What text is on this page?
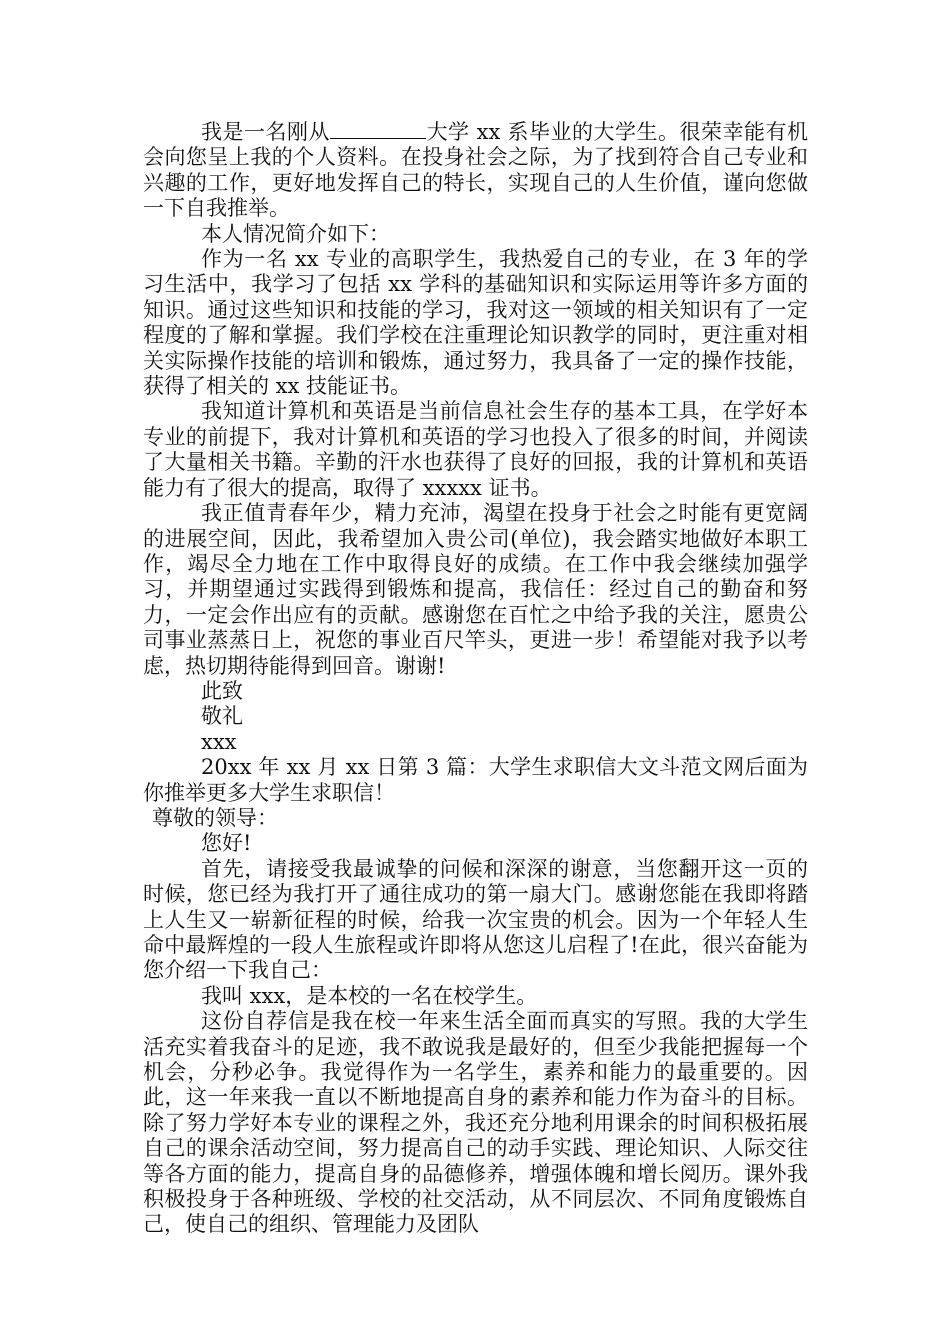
我是一名刚从	大学 xx 系毕业的大学生。很荣幸能有机会向您呈上我的个人资料。在投身社会之际，为了找到符合自己专业和兴趣的工作，更好地发挥自己的特长，实现自己的人生价值，谨向您做一下自我推举。

本人情况简介如下：

作为一名 xx 专业的高职学生，我热爱自己的专业，在 3 年的学习生活中，我学习了包括 xx 学科的基础知识和实际运用等许多方面的知识。通过这些知识和技能的学习，我对这一领域的相关知识有了一定程度的了解和掌握。我们学校在注重理论知识教学的同时，更注重对相关实际操作技能的培训和锻炼，通过努力，我具备了一定的操作技能，获得了相关的 xx 技能证书。

我知道计算机和英语是当前信息社会生存的基本工具，在学好本专业的前提下，我对计算机和英语的学习也投入了很多的时间，并阅读了大量相关书籍。辛勤的汗水也获得了良好的回报，我的计算机和英语能力有了很大的提高，取得了 xxxxx 证书。

我正值青春年少，精力充沛，渴望在投身于社会之时能有更宽阔的进展空间，因此，我希望加入贵公司(单位)，我会踏实地做好本职工作，竭尽全力地在工作中取得良好的成绩。在工作中我会继续加强学习，并期望通过实践得到锻炼和提高，我信任：经过自己的勤奋和努力，一定会作出应有的贡献。感谢您在百忙之中给予我的关注，愿贵公司事业蒸蒸日上，祝您的事业百尺竿头，更进一步！希望能对我予以考虑，热切期待能得到回音。谢谢!

此致

敬礼

xxx

20xx 年 xx 月 xx 日第 3 篇：大学生求职信大文斗范文网后面为你推举更多大学生求职信！

尊敬的领导：

您好!

首先，请接受我最诚挚的问候和深深的谢意，当您翻开这一页的时候，您已经为我打开了通往成功的第一扇大门。感谢您能在我即将踏上人生又一崭新征程的时候，给我一次宝贵的机会。因为一个年轻人生命中最辉煌的一段人生旅程或许即将从您这儿启程了!在此，很兴奋能为您介绍一下我自己：

我叫 xxx，是本校的一名在校学生。

这份自荐信是我在校一年来生活全面而真实的写照。我的大学生活充实着我奋斗的足迹，我不敢说我是最好的，但至少我能把握每一个机会，分秒必争。我觉得作为一名学生，素养和能力的最重要的。因此，这一年来我一直以不断地提高自身的素养和能力作为奋斗的目标。除了努力学好本专业的课程之外，我还充分地利用课余的时间积极拓展自己的课余活动空间，努力提高自己的动手实践、理论知识、人际交往等各方面的能力，提高自身的品德修养，增强体魄和增长阅历。课外我积极投身于各种班级、学校的社交活动，从不同层次、不同角度锻炼自己，使自己的组织、管理能力及团队
